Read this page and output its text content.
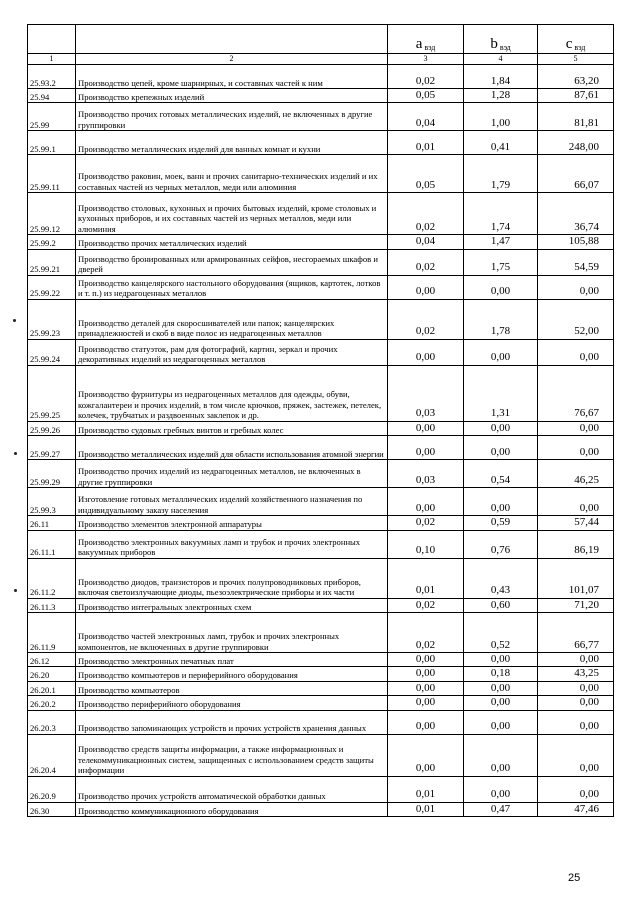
		a $_{вэд}$	b $_{вэд}$	c $_{вэд}$
1	2	3	4	5
25.93.2	Производство цепей, кроме шарнирных, и составных частей к ним	0,02	1,84	63,20
25.94	Производство крепежных изделий	0,05	1,28	87,61
25.99	Производство прочих готовых металлических изделий, не включенных в другие группировки	0,04	1,00	81,81
25.99.1	Производство металлических изделий для ванных комнат и кухни	0,01	0,41	248,00
25.99.11	Производство раковин, моек, ванн и прочих санитарно-технических изделий и их составных частей из черных металлов, меди или алюминия	0,05	1,79	66,07
25.99.12	Производство столовых, кухонных и прочих бытовых изделий, кроме столовых и кухонных приборов, и их составных частей из черных металлов, меди или алюминия	0,02	1,74	36,74
25.99.2	Производство прочих металлических изделий	0,04	1,47	105,88
25.99.21	Производство бронированных или армированных сейфов, несгораемых шкафов и дверей	0,02	1,75	54,59
25.99.22	Производство канцелярского настольного оборудования (ящиков, картотек, лотков и т. п.) из недрагоценных металлов	0,00	0,00	0,00
25.99.23	Производство деталей для скоросшивателей или папок; канцелярских принадлежностей и скоб в виде полос из недрагоценных металлов	0,02	1,78	52,00
25.99.24	Производство статуэток, рам для фотографий, картин, зеркал и прочих декоративных изделий из недрагоценных металлов	0,00	0,00	0,00
25.99.25	Производство фурнитуры из недрагоценных металлов для одежды, обуви, кожгалантереи и прочих изделий, в том числе крючков, пряжек, застежек, петелек, колечек, трубчатых и раздвоенных заклепок и др.	0,03	1,31	76,67
25.99.26	Производство судовых гребных винтов и гребных колес	0,00	0,00	0,00
25.99.27	Производство металлических изделий для области использования атомной энергии	0,00	0,00	0,00
25.99.29	Производство прочих изделий из недрагоценных металлов, не включенных в другие группировки	0,03	0,54	46,25
25.99.3	Изготовление готовых металлических изделий хозяйственного назначения по индивидуальному заказу населения	0,00	0,00	0,00
26.11	Производство элементов электронной аппаратуры	0,02	0,59	57,44
26.11.1	Производство электронных вакуумных ламп и трубок и прочих электронных вакуумных приборов	0,10	0,76	86,19
26.11.2	Производство диодов, транзисторов и прочих полупроводниковых приборов, включая светоизлучающие диоды, пьезоэлектрические приборы и их части	0,01	0,43	101,07
26.11.3	Производство интегральных электронных схем	0,02	0,60	71,20
26.11.9	Производство частей электронных ламп, трубок и прочих электронных компонентов, не включенных в другие группировки	0,02	0,52	66,77
26.12	Производство электронных печатных плат	0,00	0,00	0,00
26.20	Производство компьютеров и периферийного оборудования	0,00	0,18	43,25
26.20.1	Производство компьютеров	0,00	0,00	0,00
26.20.2	Производство периферийного оборудования	0,00	0,00	0,00
26.20.3	Производство запоминающих устройств и прочих устройств хранения данных	0,00	0,00	0,00
26.20.4	Производство средств защиты информации, а также информационных и телекоммуникационных систем, защищенных с использованием средств защиты информации	0,00	0,00	0,00
26.20.9	Производство прочих устройств автоматической обработки данных	0,01	0,00	0,00
26.30	Производство коммуникационного оборудования	0,01	0,47	47,46
25
